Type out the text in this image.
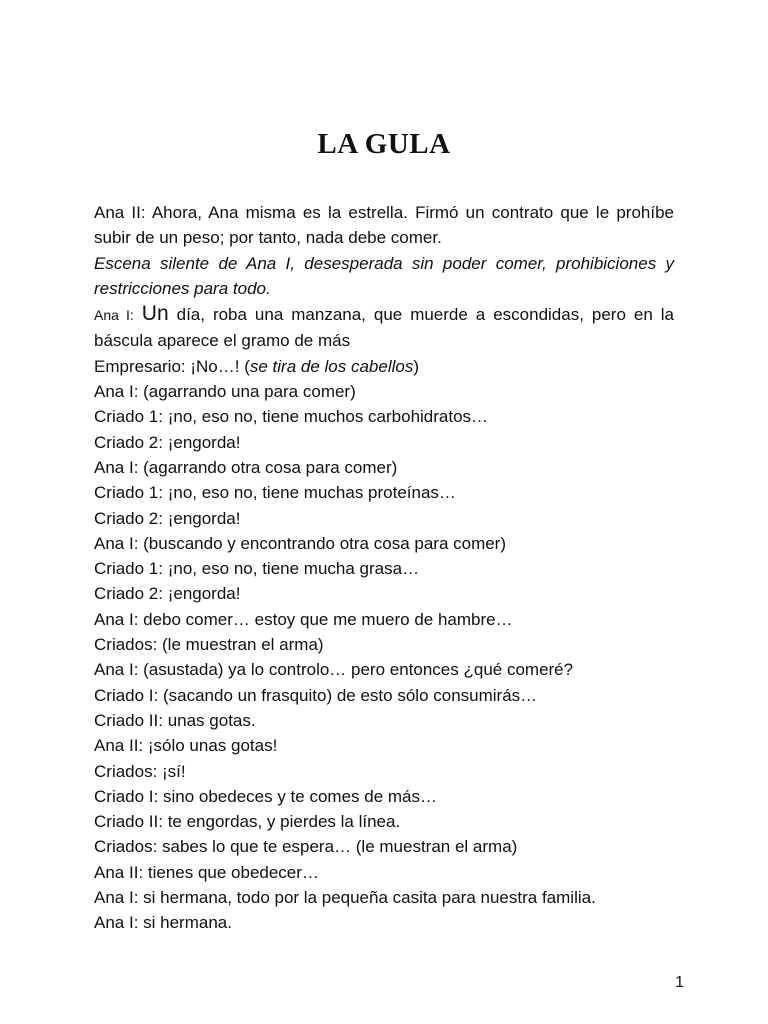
LA GULA
Ana II: Ahora, Ana misma es la estrella. Firmó un contrato que le prohíbe subir de un peso; por tanto, nada debe comer.
Escena silente de Ana I, desesperada sin poder comer, prohibiciones y restricciones para todo.
Ana I: Un día, roba una manzana, que muerde a escondidas, pero en la báscula aparece el gramo de más
Empresario: ¡No…! (se tira de los cabellos)
Ana I: (agarrando una para comer)
Criado 1: ¡no, eso no, tiene muchos carbohidratos…
Criado 2: ¡engorda!
Ana I: (agarrando otra cosa para comer)
Criado 1: ¡no, eso no, tiene muchas proteínas…
Criado 2: ¡engorda!
Ana I: (buscando y encontrando otra cosa para comer)
Criado 1: ¡no, eso no, tiene mucha grasa…
Criado 2: ¡engorda!
Ana I: debo comer… estoy que me muero de hambre…
Criados: (le muestran el arma)
Ana I: (asustada) ya lo controlo… pero entonces ¿qué comeré?
Criado I: (sacando un frasquito) de esto sólo consumirás…
Criado II: unas gotas.
Ana II: ¡sólo unas gotas!
Criados: ¡sí!
Criado I: sino obedeces y te comes de más…
Criado II: te engordas, y pierdes la línea.
Criados: sabes lo que te espera… (le muestran el arma)
Ana II: tienes que obedecer…
Ana I: si hermana, todo por la pequeña casita para nuestra familia.
Ana I: si hermana.
1
